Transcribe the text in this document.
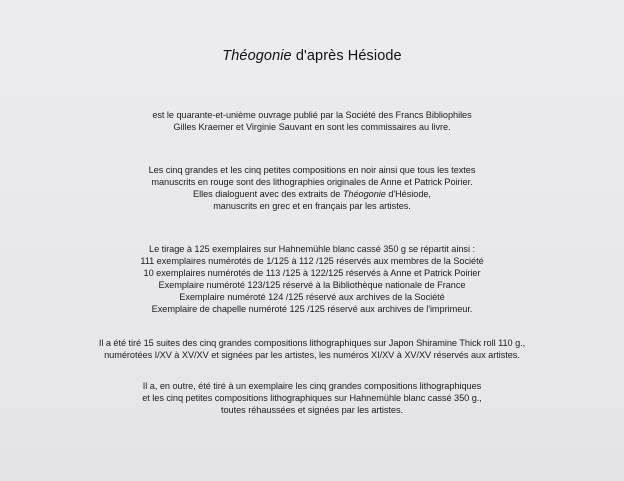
Théogonie d'après Hésiode
est le quarante-et-unième ouvrage publié par la Société des Francs Bibliophiles
Gilles Kraemer et Virginie Sauvant en sont les commissaires au livre.
Les cinq grandes et les cinq petites compositions en noir ainsi que tous les textes
manuscrits en rouge sont des lithographies originales de Anne et Patrick Poirier.
Elles dialoguent avec des extraits de Théogonie d'Hésiode,
manuscrits en grec et en français par les artistes.
Le tirage à 125 exemplaires sur Hahnemühle blanc cassé 350 g se répartit ainsi :
111 exemplaires numérotés de 1/125 à 112 /125 réservés aux membres de la Société
10 exemplaires numérotés de 113 /125 à 122/125 réservés à Anne et Patrick Poirier
Exemplaire numéroté 123/125 réservé à la Bibliothèque nationale de France
Exemplaire numéroté 124 /125 réservé aux archives de la Société
Exemplaire de chapelle numéroté 125 /125 réservé aux archives de l'imprimeur.
Il a été tiré 15 suites des cinq grandes compositions lithographiques sur Japon Shiramine Thick roll 110 g.,
numérotées I/XV à XV/XV et signées par les artistes, les numéros XI/XV à XV/XV réservés aux artistes.
Il a, en outre, été tiré à un exemplaire les cinq grandes compositions lithographiques
et les cinq petites compositions lithographiques sur Hahnemühle blanc cassé 350 g.,
toutes réhaussées et signées par les artistes.
